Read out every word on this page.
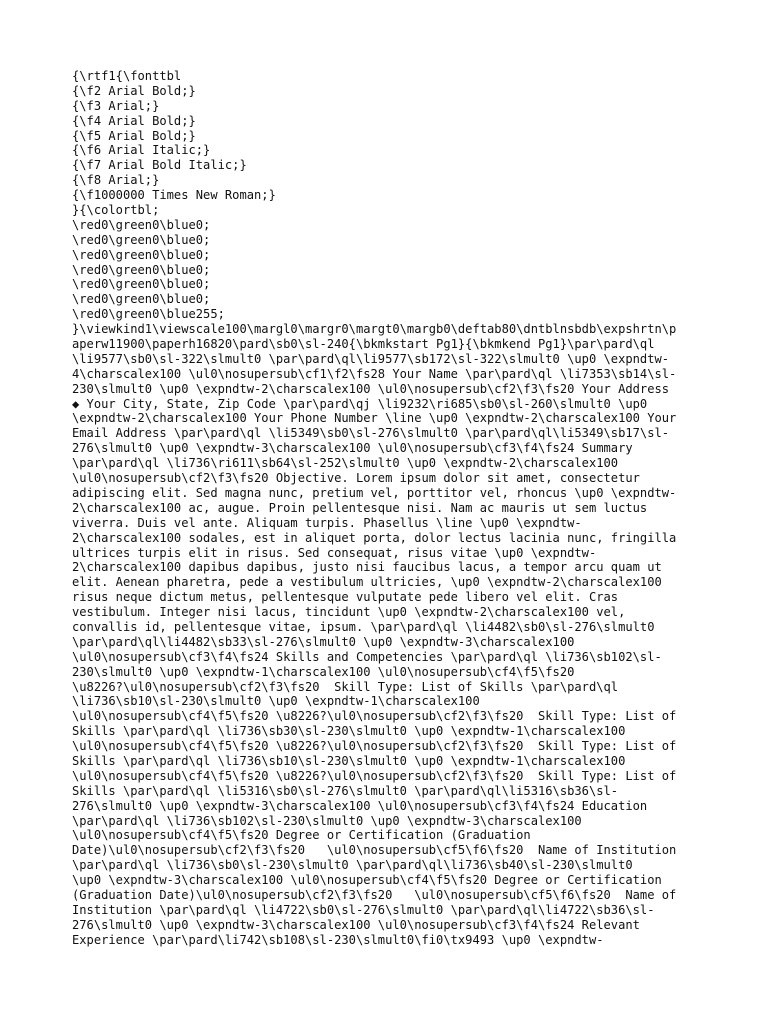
{\rtf1{\fonttbl
{\f2 Arial Bold;}
{\f3 Arial;}
{\f4 Arial Bold;}
{\f5 Arial Bold;}
{\f6 Arial Italic;}
{\f7 Arial Bold Italic;}
{\f8 Arial;}
{\f1000000 Times New Roman;}
}{\colortbl;
\red0\green0\blue0;
\red0\green0\blue0;
\red0\green0\blue0;
\red0\green0\blue0;
\red0\green0\blue0;
\red0\green0\blue0;
\red0\green0\blue255;
}\viewkind1\viewscale100\margl0\margr0\margt0\margb0\deftab80\dntblnsbdb\expshrtn\p
aperw11900\paperh16820\pard\sb0\sl-240{\bkmkstart Pg1}{\bkmkend Pg1}\par\pard\ql
\li9577\sb0\sl-322\slmult0 \par\pard\ql\li9577\sb172\sl-322\slmult0 \up0 \expndtw-
4\charscalex100 \ul0\nosupersub\cf1\f2\fs28 Your Name \par\pard\ql \li7353\sb14\sl-
230\slmult0 \up0 \expndtw-2\charscalex100 \ul0\nosupersub\cf2\f3\fs20 Your Address
◆ Your City, State, Zip Code \par\pard\qj \li9232\ri685\sb0\sl-260\slmult0 \up0
\expndtw-2\charscalex100 Your Phone Number \line \up0 \expndtw-2\charscalex100 Your
Email Address \par\pard\ql \li5349\sb0\sl-276\slmult0 \par\pard\ql\li5349\sb17\sl-
276\slmult0 \up0 \expndtw-3\charscalex100 \ul0\nosupersub\cf3\f4\fs24 Summary
\par\pard\ql \li736\ri611\sb64\sl-252\slmult0 \up0 \expndtw-2\charscalex100
\ul0\nosupersub\cf2\f3\fs20 Objective. Lorem ipsum dolor sit amet, consectetur
adipiscing elit. Sed magna nunc, pretium vel, porttitor vel, rhoncus \up0 \expndtw-
2\charscalex100 ac, augue. Proin pellentesque nisi. Nam ac mauris ut sem luctus
viverra. Duis vel ante. Aliquam turpis. Phasellus \line \up0 \expndtw-
2\charscalex100 sodales, est in aliquet porta, dolor lectus lacinia nunc, fringilla
ultrices turpis elit in risus. Sed consequat, risus vitae \up0 \expndtw-
2\charscalex100 dapibus dapibus, justo nisi faucibus lacus, a tempor arcu quam ut
elit. Aenean pharetra, pede a vestibulum ultricies, \up0 \expndtw-2\charscalex100
risus neque dictum metus, pellentesque vulputate pede libero vel elit. Cras
vestibulum. Integer nisi lacus, tincidunt \up0 \expndtw-2\charscalex100 vel,
convallis id, pellentesque vitae, ipsum. \par\pard\ql \li4482\sb0\sl-276\slmult0
\par\pard\ql\li4482\sb33\sl-276\slmult0 \up0 \expndtw-3\charscalex100
\ul0\nosupersub\cf3\f4\fs24 Skills and Competencies \par\pard\ql \li736\sb102\sl-
230\slmult0 \up0 \expndtw-1\charscalex100 \ul0\nosupersub\cf4\f5\fs20
\u8226?\ul0\nosupersub\cf2\f3\fs20  Skill Type: List of Skills \par\pard\ql
\li736\sb10\sl-230\slmult0 \up0 \expndtw-1\charscalex100
\ul0\nosupersub\cf4\f5\fs20 \u8226?\ul0\nosupersub\cf2\f3\fs20  Skill Type: List of
Skills \par\pard\ql \li736\sb30\sl-230\slmult0 \up0 \expndtw-1\charscalex100
\ul0\nosupersub\cf4\f5\fs20 \u8226?\ul0\nosupersub\cf2\f3\fs20  Skill Type: List of
Skills \par\pard\ql \li736\sb10\sl-230\slmult0 \up0 \expndtw-1\charscalex100
\ul0\nosupersub\cf4\f5\fs20 \u8226?\ul0\nosupersub\cf2\f3\fs20  Skill Type: List of
Skills \par\pard\ql \li5316\sb0\sl-276\slmult0 \par\pard\ql\li5316\sb36\sl-
276\slmult0 \up0 \expndtw-3\charscalex100 \ul0\nosupersub\cf3\f4\fs24 Education
\par\pard\ql \li736\sb102\sl-230\slmult0 \up0 \expndtw-3\charscalex100
\ul0\nosupersub\cf4\f5\fs20 Degree or Certification (Graduation
Date)\ul0\nosupersub\cf2\f3\fs20   \ul0\nosupersub\cf5\f6\fs20  Name of Institution
\par\pard\ql \li736\sb0\sl-230\slmult0 \par\pard\ql\li736\sb40\sl-230\slmult0
\up0 \expndtw-3\charscalex100 \ul0\nosupersub\cf4\f5\fs20 Degree or Certification
(Graduation Date)\ul0\nosupersub\cf2\f3\fs20   \ul0\nosupersub\cf5\f6\fs20  Name of
Institution \par\pard\ql \li4722\sb0\sl-276\slmult0 \par\pard\ql\li4722\sb36\sl-
276\slmult0 \up0 \expndtw-3\charscalex100 \ul0\nosupersub\cf3\f4\fs24 Relevant
Experience \par\pard\li742\sb108\sl-230\slmult0\fi0\tx9493 \up0 \expndtw-
